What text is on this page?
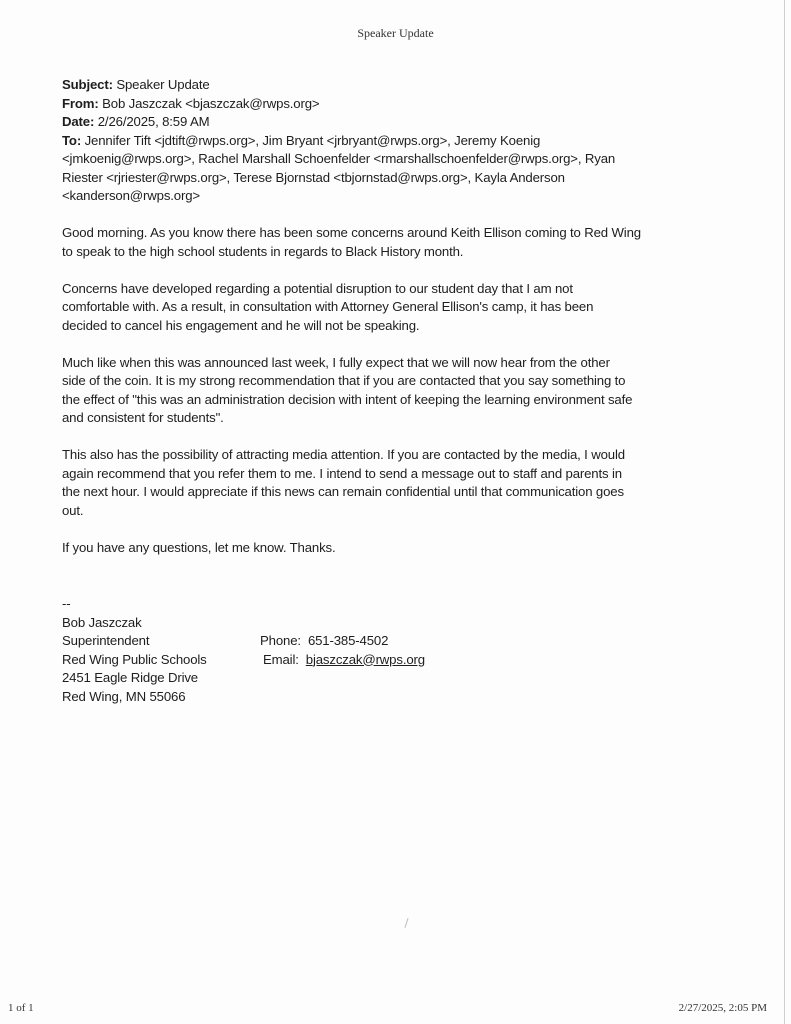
Speaker Update
Subject: Speaker Update
From: Bob Jaszczak <bjaszczak@rwps.org>
Date: 2/26/2025, 8:59 AM
To: Jennifer Tift <jdtift@rwps.org>, Jim Bryant <jrbryant@rwps.org>, Jeremy Koenig
<jmkoenig@rwps.org>, Rachel Marshall Schoenfelder <rmarshallschoenfelder@rwps.org>, Ryan
Riester <rjriester@rwps.org>, Terese Bjornstad <tbjornstad@rwps.org>, Kayla Anderson
<kanderson@rwps.org>
Good morning. As you know there has been some concerns around Keith Ellison coming to Red Wing
to speak to the high school students in regards to Black History month.
Concerns have developed regarding a potential disruption to our student day that I am not
comfortable with. As a result, in consultation with Attorney General Ellison's camp, it has been
decided to cancel his engagement and he will not be speaking.
Much like when this was announced last week, I fully expect that we will now hear from the other
side of the coin. It is my strong recommendation that if you are contacted that you say something to
the effect of "this was an administration decision with intent of keeping the learning environment safe
and consistent for students".
This also has the possibility of attracting media attention. If you are contacted by the media, I would
again recommend that you refer them to me. I intend to send a message out to staff and parents in
the next hour. I would appreciate if this news can remain confidential until that communication goes
out.
If you have any questions, let me know. Thanks.
--
Bob Jaszczak
Superintendent	Phone: 651-385-4502
Red Wing Public Schools	Email: bjaszczak@rwps.org
2451 Eagle Ridge Drive
Red Wing, MN 55066
1 of 1	2/27/2025, 2:05 PM
